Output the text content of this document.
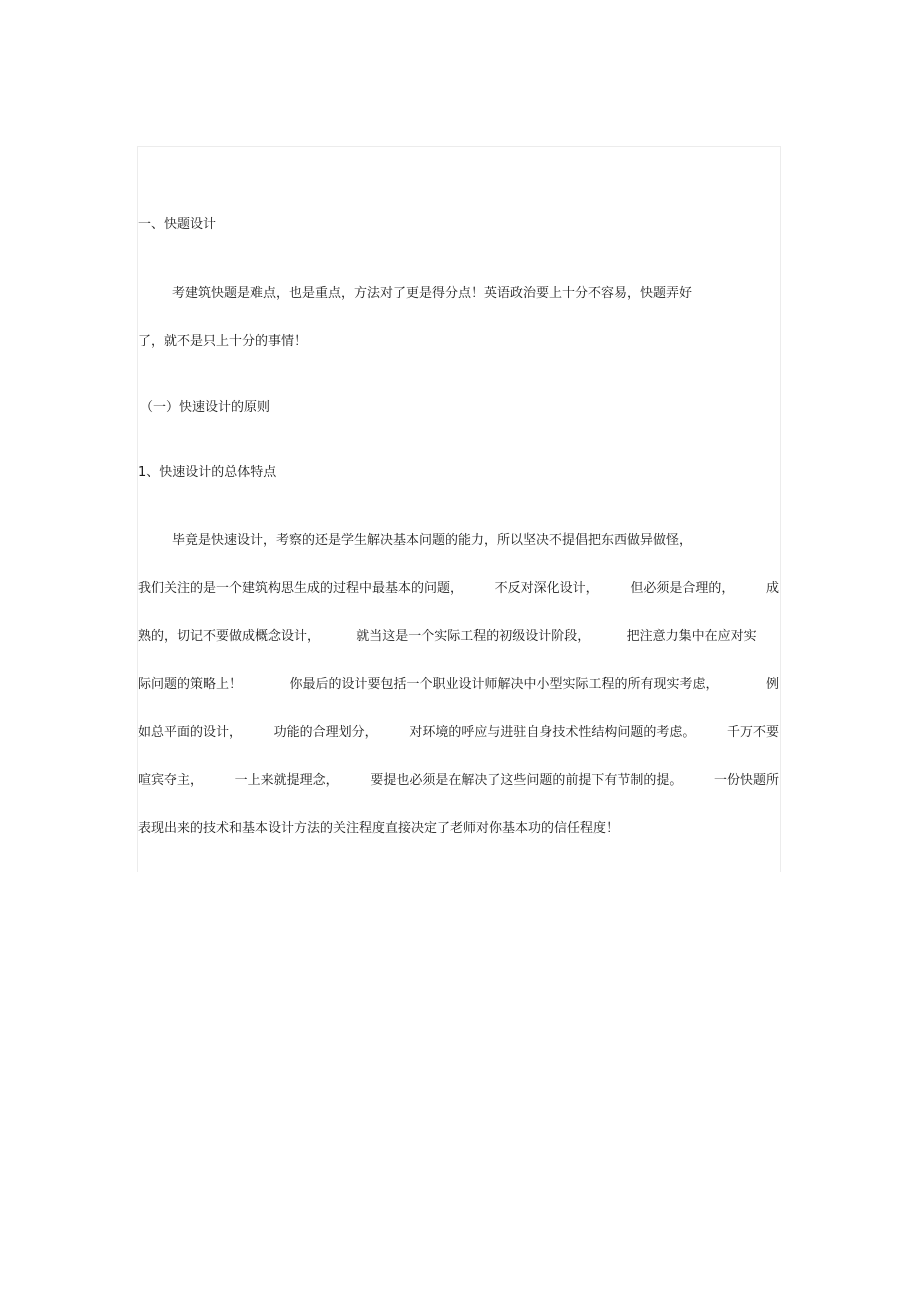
一、快题设计
考建筑快题是难点，也是重点，方法对了更是得分点！英语政治要上十分不容易，快题弄好
了，就不是只上十分的事情！
（一）快速设计的原则
1、快速设计的总体特点
毕竟是快速设计，考察的还是学生解决基本问题的能力，所以坚决不提倡把东西做异做怪，
我们关注的是一个建筑构思生成的过程中最基本的问题， 不反对深化设计， 但必须是合理的， 成
熟的，切记不要做成概念设计，	就当这是一个实际工程的初级设计阶段，	把注意力集中在应对实
际问题的策略上！	你最后的设计要包括一个职业设计师解决中小型实际工程的所有现实考虑，	例
如总平面的设计， 功能的合理划分， 对环境的呼应与进驻自身技术性结构问题的考虑。 千万不要
喧宾夺主， 一上来就提理念， 要提也必须是在解决了这些问题的前提下有节制的提。 一份快题所
表现出来的技术和基本设计方法的关注程度直接决定了老师对你基本功的信任程度！
